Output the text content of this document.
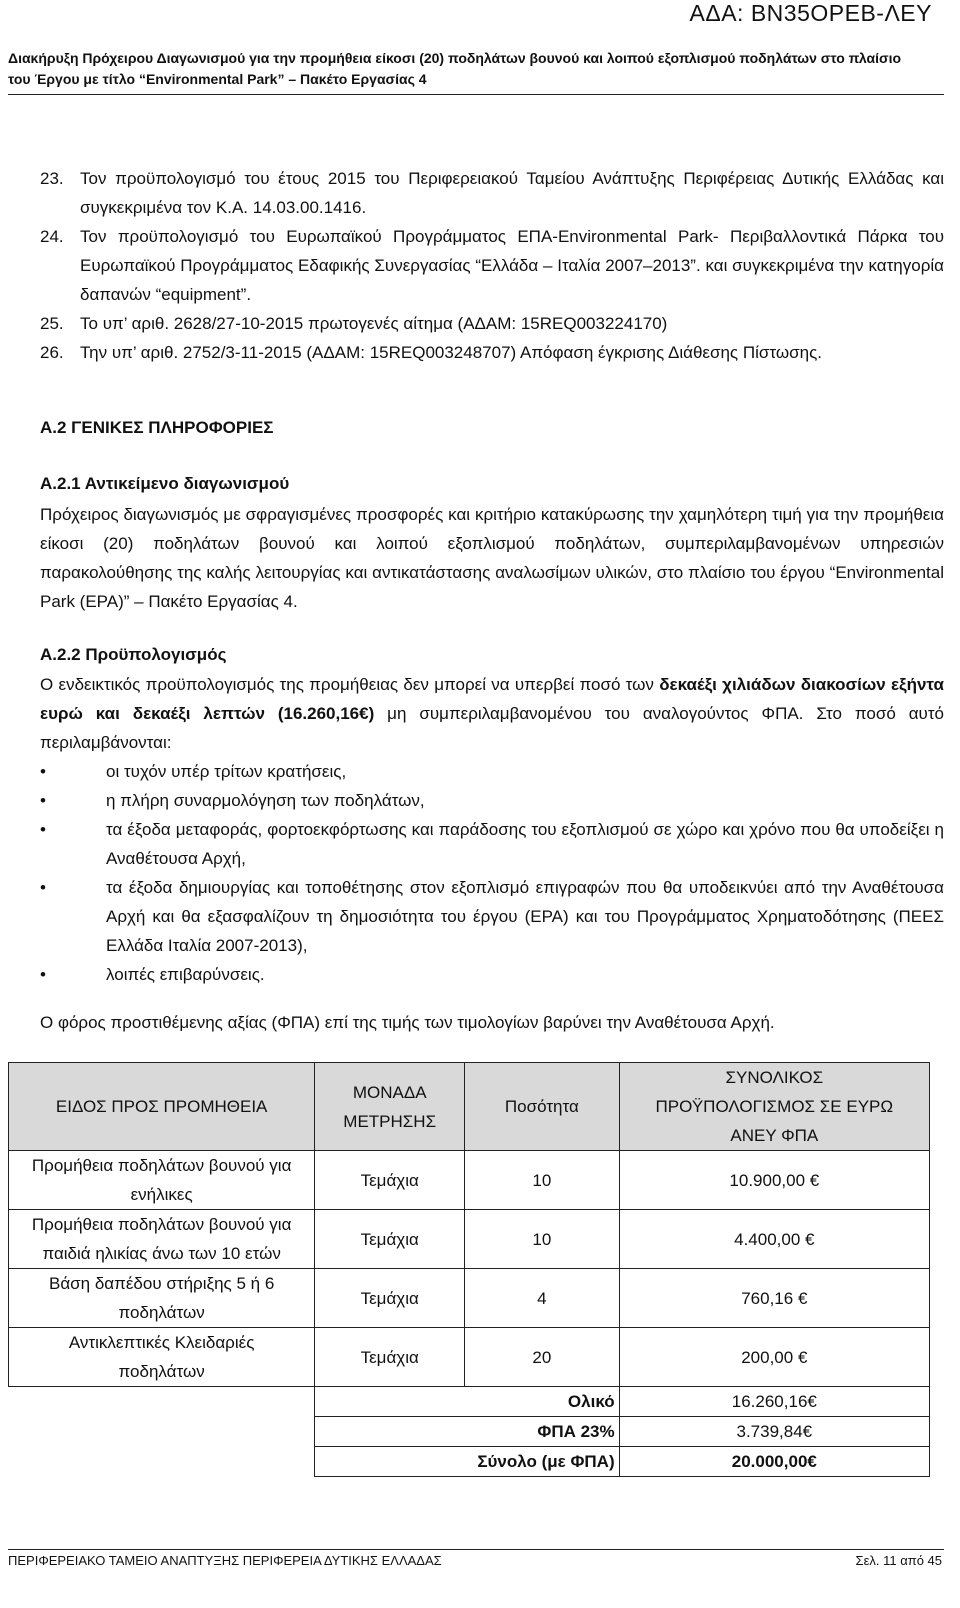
ΑΔΑ: ΒΝ35ΟΡΕΒ-ΛΕΥ
Διακήρυξη Πρόχειρου Διαγωνισμού για την προμήθεια είκοσι (20) ποδηλάτων βουνού και λοιπού εξοπλισμού ποδηλάτων στο πλαίσιο
του Έργου με τίτλο “Environmental Park” – Πακέτο Εργασίας 4
23. Τον προϋπολογισμό του έτους 2015 του Περιφερειακού Ταμείου Ανάπτυξης Περιφέρειας Δυτικής Ελλάδας και συγκεκριμένα τον Κ.Α. 14.03.00.1416.
24. Τον προϋπολογισμό του Ευρωπαϊκού Προγράμματος ΕΠΑ-Environmental Park- Περιβαλλοντικά Πάρκα του Ευρωπαϊκού Προγράμματος Εδαφικής Συνεργασίας “Ελλάδα – Ιταλία 2007–2013”. και συγκεκριμένα την κατηγορία δαπανών “equipment”.
25. Το υπ’ αριθ. 2628/27-10-2015 πρωτογενές αίτημα (ΑΔΑΜ: 15REQ003224170)
26. Την υπ’ αριθ. 2752/3-11-2015 (ΑΔΑΜ: 15REQ003248707) Απόφαση έγκρισης Διάθεσης Πίστωσης.
Α.2 ΓΕΝΙΚΕΣ ΠΛΗΡΟΦΟΡΙΕΣ
Α.2.1 Αντικείμενο διαγωνισμού
Πρόχειρος διαγωνισμός με σφραγισμένες προσφορές και κριτήριο κατακύρωσης την χαμηλότερη τιμή για την προμήθεια είκοσι (20) ποδηλάτων βουνού και λοιπού εξοπλισμού ποδηλάτων, συμπεριλαμβανομένων υπηρεσιών παρακολούθησης της καλής λειτουργίας και αντικατάστασης αναλωσίμων υλικών, στο πλαίσιο του έργου “Environmental Park (EPA)” – Πακέτο Εργασίας 4.
Α.2.2 Προϋπολογισμός
Ο ενδεικτικός προϋπολογισμός της προμήθειας δεν μπορεί να υπερβεί ποσό των δεκαέξι χιλιάδων διακοσίων εξήντα ευρώ και δεκαέξι λεπτών (16.260,16€) μη συμπεριλαμβανομένου του αναλογούντος ΦΠΑ. Στο ποσό αυτό περιλαμβάνονται:
•	οι τυχόν υπέρ τρίτων κρατήσεις,
•	η πλήρη συναρμολόγηση των ποδηλάτων,
•	τα έξοδα μεταφοράς, φορτοεκφόρτωσης και παράδοσης του εξοπλισμού σε χώρο και χρόνο που θα υποδείξει η Αναθέτουσα Αρχή,
•	τα έξοδα δημιουργίας και τοποθέτησης στον εξοπλισμό επιγραφών που θα υποδεικνύει από την Αναθέτουσα Αρχή και θα εξασφαλίζουν τη δημοσιότητα του έργου (EPA) και του Προγράμματος Χρηματοδότησης (ΠΕΕΣ Ελλάδα Ιταλία 2007-2013),
•	λοιπές επιβαρύνσεις.
Ο φόρος προστιθέμενης αξίας (ΦΠΑ) επί της τιμής των τιμολογίων βαρύνει την Αναθέτουσα Αρχή.
ΕΙΔΟΣ ΠΡΟΣ ΠΡΟΜΗΘΕΙΑ	ΜΟΝΑΔΑ ΜΕΤΡΗΣΗΣ	Ποσότητα	ΣΥΝΟΛΙΚΟΣ ΠΡΟΫΠΟΛΟΓΙΣΜΟΣ ΣΕ ΕΥΡΩ ΑΝΕΥ ΦΠΑ
Προμήθεια ποδηλάτων βουνού για ενήλικες	Τεμάχια	10	10.900,00 €
Προμήθεια ποδηλάτων βουνού για παιδιά ηλικίας άνω των 10 ετών	Τεμάχια	10	4.400,00 €
Βάση δαπέδου στήριξης 5 ή 6 ποδηλάτων	Τεμάχια	4	760,16 €
Αντικλεπτικές Κλειδαριές ποδηλάτων	Τεμάχια	20	200,00 €
	Ολικό		16.260,16€
	ΦΠΑ 23%		3.739,84€
	Σύνολο (με ΦΠΑ)		20.000,00€
ΠΕΡΙΦΕΡΕΙΑΚΟ ΤΑΜΕΙΟ ΑΝΑΠΤΥΞΗΣ ΠΕΡΙΦΕΡΕΙΑ ΔΥΤΙΚΗΣ ΕΛΛΑΔΑΣ	Σελ. 11 από 45
